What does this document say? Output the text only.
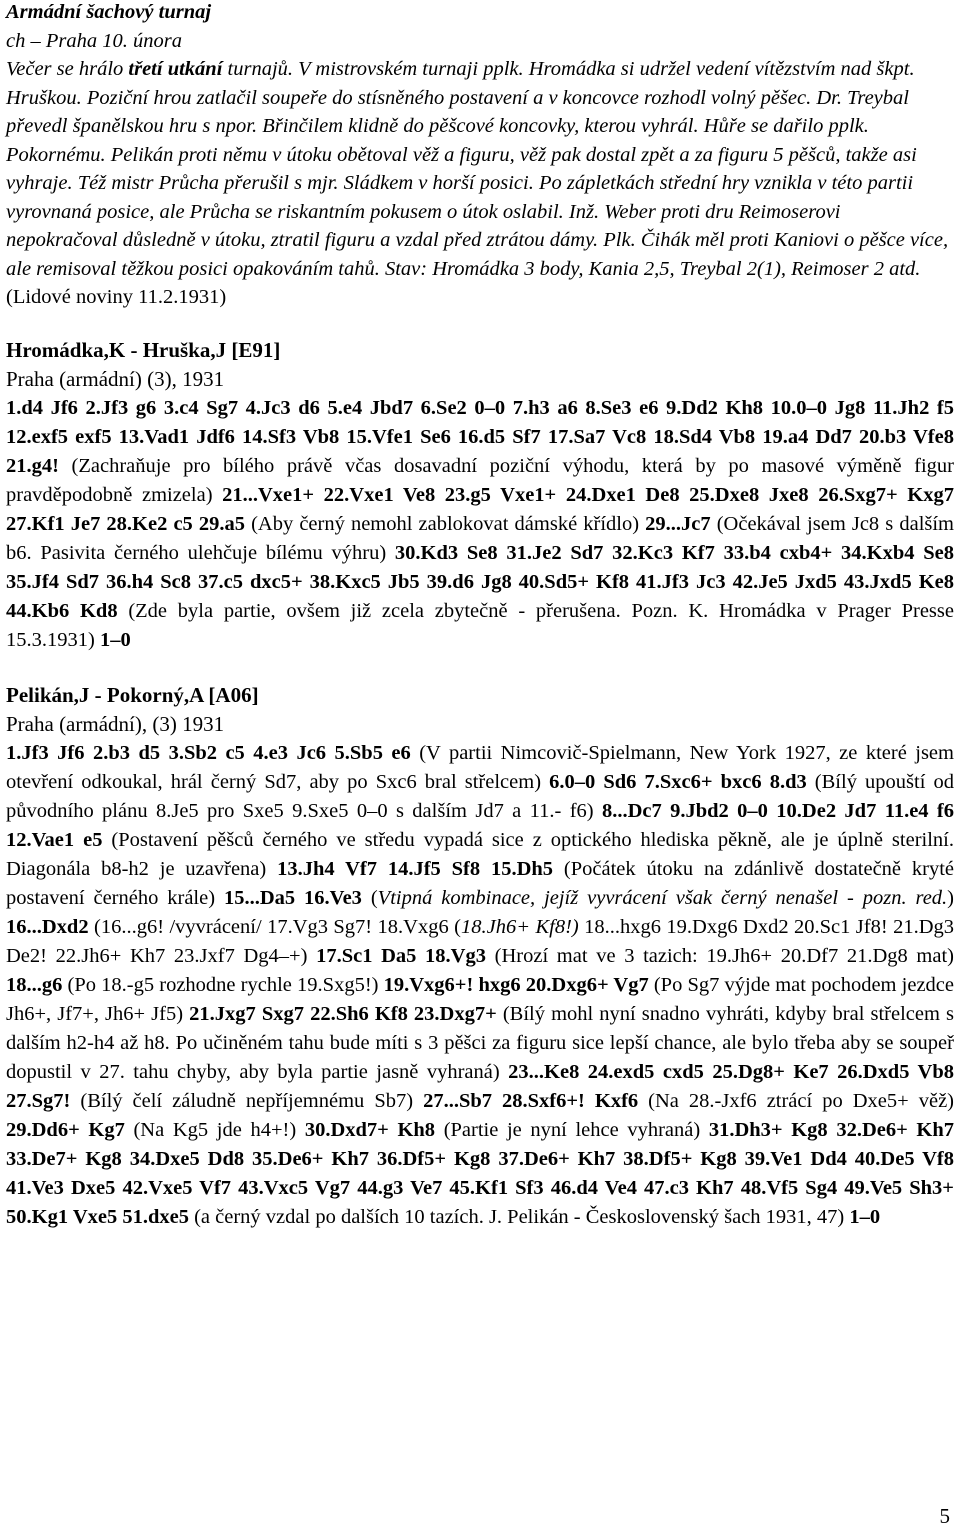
Armádní šachový turnaj
ch – Praha 10. února
Večer se hrálo třetí utkání turnajů. V mistrovském turnaji pplk. Hromádka si udržel vedení vítězstvím nad škpt. Hruškou. Poziční hrou zatlačil soupeře do stísněného postavení a v koncovce rozhodl volný pěšec. Dr. Treybal převedl španělskou hru s npor. Břinčilem klidně do pěšcové koncovky, kterou vyhrál. Hůře se dařilo pplk. Pokornému. Pelikán proti němu v útoku obětoval věž a figuru, věž pak dostal zpět a za figuru 5 pěšců, takže asi vyhraje. Též mistr Průcha přerušil s mjr. Sládkem v horší posici. Po zápletkách střední hry vznikla v této partii vyrovnaná posice, ale Průcha se riskantním pokusem o útok oslabil. Inž. Weber proti dru Reimoserovi nepokračoval důsledně v útoku, ztratil figuru a vzdal před ztrátou dámy. Plk. Čihák měl proti Kaniovi o pěšce více, ale remisoval těžkou posici opakováním tahů. Stav: Hromádka 3 body, Kania 2,5, Treybal 2(1), Reimoser 2 atd.
(Lidové noviny 11.2.1931)
Hromádka,K - Hruška,J [E91]
Praha (armádní) (3), 1931
1.d4 Jf6 2.Jf3 g6 3.c4 Sg7 4.Jc3 d6 5.e4 Jbd7 6.Se2 0–0 7.h3 a6 8.Se3 e6 9.Dd2 Kh8 10.0–0 Jg8 11.Jh2 f5 12.exf5 exf5 13.Vad1 Jdf6 14.Sf3 Vb8 15.Vfe1 Se6 16.d5 Sf7 17.Sa7 Vc8 18.Sd4 Vb8 19.a4 Dd7 20.b3 Vfe8 21.g4! (Zachraňuje pro bílého právě včas dosavadní poziční výhodu, která by po masové výměně figur pravděpodobně zmizela) 21...Vxe1+ 22.Vxe1 Ve8 23.g5 Vxe1+ 24.Dxe1 De8 25.Dxe8 Jxe8 26.Sxg7+ Kxg7 27.Kf1 Je7 28.Ke2 c5 29.a5 (Aby černý nemohl zablokovat dámské křídlo) 29...Jc7 (Očekával jsem Jc8 s dalším b6. Pasivita černého ulehčuje bílému výhru) 30.Kd3 Se8 31.Je2 Sd7 32.Kc3 Kf7 33.b4 cxb4+ 34.Kxb4 Se8 35.Jf4 Sd7 36.h4 Sc8 37.c5 dxc5+ 38.Kxc5 Jb5 39.d6 Jg8 40.Sd5+ Kf8 41.Jf3 Jc3 42.Je5 Jxd5 43.Jxd5 Ke8 44.Kb6 Kd8 (Zde byla partie, ovšem již zcela zbytečně - přerušena. Pozn. K. Hromádka v Prager Presse 15.3.1931) 1–0
Pelikán,J - Pokorný,A [A06]
Praha (armádní), (3) 1931
1.Jf3 Jf6 2.b3 d5 3.Sb2 c5 4.e3 Jc6 5.Sb5 e6 (V partii Nimcovič-Spielmann, New York 1927, ze které jsem otevření odkoukal, hrál černý Sd7, aby po Sxc6 bral střelcem) 6.0–0 Sd6 7.Sxc6+ bxc6 8.d3 (Bílý upouští od původního plánu 8.Je5 pro Sxe5 9.Sxe5 0–0 s dalším Jd7 a 11.- f6) 8...Dc7 9.Jbd2 0–0 10.De2 Jd7 11.e4 f6 12.Vae1 e5 (Postavení pěšců černého ve středu vypadá sice z optického hlediska pěkně, ale je úplně sterilní. Diagonála b8-h2 je uzavřena) 13.Jh4 Vf7 14.Jf5 Sf8 15.Dh5 (Počátek útoku na zdánlivě dostatečně kryté postavení černého krále) 15...Da5 16.Ve3 (Vtipná kombinace, jejíž vyvrácení však černý nenašel - pozn. red.) 16...Dxd2 (16...g6! /vyvrácení/ 17.Vg3 Sg7! 18.Vxg6 (18.Jh6+ Kf8!) 18...hxg6 19.Dxg6 Dxd2 20.Sc1 Jf8! 21.Dg3 De2! 22.Jh6+ Kh7 23.Jxf7 Dg4–+) 17.Sc1 Da5 18.Vg3 (Hrozí mat ve 3 tazich: 19.Jh6+ 20.Df7 21.Dg8 mat) 18...g6 (Po 18.-g5 rozhodne rychle 19.Sxg5!) 19.Vxg6+! hxg6 20.Dxg6+ Vg7 (Po Sg7 výjde mat pochodem jezdce Jh6+, Jf7+, Jh6+ Jf5) 21.Jxg7 Sxg7 22.Sh6 Kf8 23.Dxg7+ (Bílý mohl nyní snadno vyhráti, kdyby bral střelcem s dalším h2-h4 až h8. Po učiněném tahu bude míti s 3 pěšci za figuru sice lepší chance, ale bylo třeba aby se soupeř dopustil v 27. tahu chyby, aby byla partie jasně vyhraná) 23...Ke8 24.exd5 cxd5 25.Dg8+ Ke7 26.Dxd5 Vb8 27.Sg7! (Bílý čelí záludně nepříjemnému Sb7) 27...Sb7 28.Sxf6+! Kxf6 (Na 28.-Jxf6 ztrácí po Dxe5+ věž) 29.Dd6+ Kg7 (Na Kg5 jde h4+!) 30.Dxd7+ Kh8 (Partie je nyní lehce vyhraná) 31.Dh3+ Kg8 32.De6+ Kh7 33.De7+ Kg8 34.Dxe5 Dd8 35.De6+ Kh7 36.Df5+ Kg8 37.De6+ Kh7 38.Df5+ Kg8 39.Ve1 Dd4 40.De5 Vf8 41.Ve3 Dxe5 42.Vxe5 Vf7 43.Vxc5 Vg7 44.g3 Ve7 45.Kf1 Sf3 46.d4 Ve4 47.c3 Kh7 48.Vf5 Sg4 49.Ve5 Sh3+ 50.Kg1 Vxe5 51.dxe5 (a černý vzdal po dalších 10 tazích. J. Pelikán - Československý šach 1931, 47) 1–0
5
